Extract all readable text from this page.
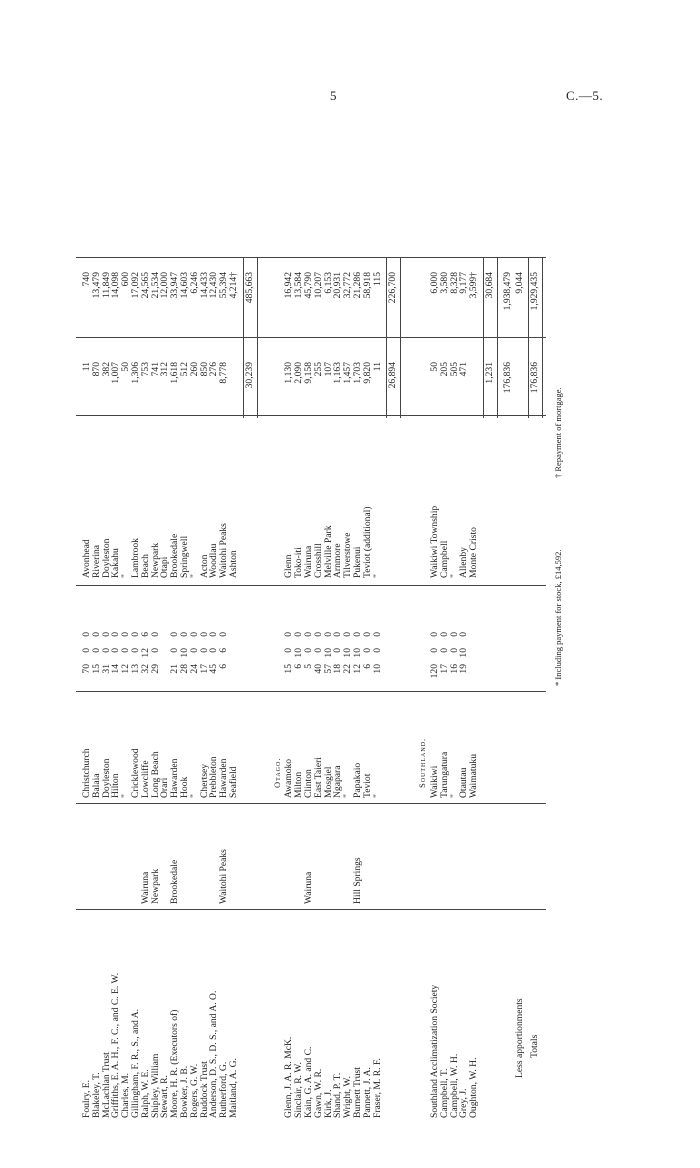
5	C.—5.
Foulry, E.
Christchurch
70
0
0
Avonhead
11
740
Blakeley, T.
Balaia
15
0
0
Riverina
870
13,479
McLachlan Trust
Doyleston
31
0
0
Doyleston
382
11,849
Griffiths, E. A. H., F. C., and C. E. W.
Hilton
14
0
0
Kakahu
1,007
14,098
Charles, M.
"
12
0
0
"
50
600
Gillingham, F. R., S., and A.
Cricklewood
13
0
0
Lambrook
1,306
17,092
Ralph, W. E.
Wairuna
Lowcliffe
32
12
6
Beach
753
24,565
Shipley, William
Newpark
Long Beach
29
0
0
Newpark
741
21,534
Stewart, R.
Orari
Otapi
312
12,000
Moore, H. R. (Executors of)
Brookedale
Hawarden
21
0
0
Brookedale
1,618
33,947
Bowker, J. B.
Hook
28
10
0
Springwell
512
14,603
Rogers, G. W.
"
24
0
0
"
260
6,246
Ruddock Trust
Chertsey
17
0
0
Acton
850
14,433
Anderson, D. S., D. S., and A. O.
Prebbleton
45
0
0
Woodlau
276
12,430
Rutherford, G.
Waitohi Peaks
Hawarden
6
6
0
Waitohi Peaks
8,778
55,394
Maitland, A. G.
Seafield
Ashton
4,214†
30,239
485,663
Otago.
Glenn, J. A. R. McK.
Awamoko
15
0
0
Glenn
1,130
16,942
Sinclair, R. W.
Milton
6
10
0
Toko-iti
2,090
13,584
Kain, G. A. and C.
Wairuna
Clinton
5
0
0
Wairuna
9,158
45,790
Gawn, W. R.
East Taieri
40
0
0
Crosshill
255
10,207
Kirk, J.
Mosgiel
57
10
0
Melville Park
107
6,153
Shand, P. T.
Ngapara
18
0
0
Arnmore
1,163
20,931
Wright, W.
"
22
10
0
Tilverstowe
1,457
32,772
Burnett Trust
Hill Springs
Papakaio
12
10
0
Pukenui
1,703
21,286
Pannett, J. A.
Teviot
6
0
0
Teviot (additional)
9,820
58,918
Fraser, M. R. F.
"
10
0
0
"
11
115
26,894
226,700
Southland.
Southland Acclimatization Society
Waikiwi
120
0
0
Waikiwi Township
50
6,000
Campbell, T.
Tarungatura
17
0
0
Campbell
205
3,580
Campbell, W. H.
"
16
0
0
"
505
8,328
Grey, J.
Otautau
19
10
0
Allenby
471
9,177
Oughton, W. H.
Waimatuku
Monte Cristo
3,599†
1,231
30,684
176,836
1,938,479
Less apportionments
9,044
Totals
176,836
1,929,435
* Including payment for stock, £14,592.
† Repayment of mortgage.
